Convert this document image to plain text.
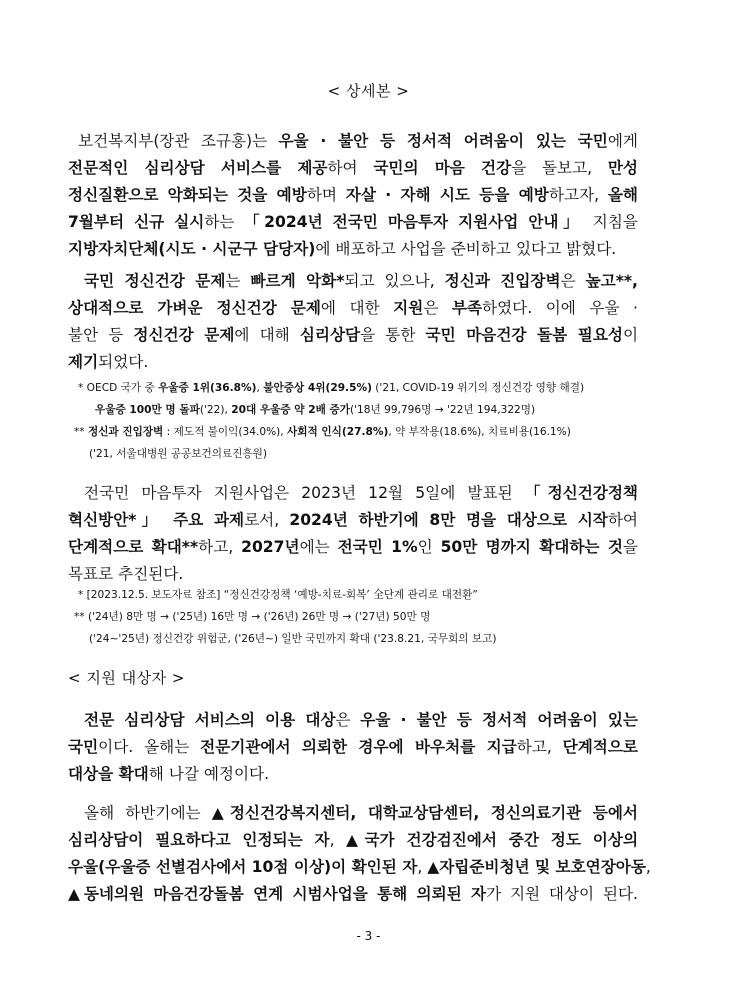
< 상세본 >
보건복지부(장관 조규홍)는 우울 · 불안 등 정서적 어려움이 있는 국민에게
전문적인 심리상담 서비스를 제공하여 국민의 마음 건강을 돌보고, 만성
정신질환으로 악화되는 것을 예방하며 자살 · 자해 시도 등을 예방하고자, 올해
7월부터 신규 실시하는 「2024년 전국민 마음투자 지원사업 안내」 지침을
지방자치단체(시도 · 시군구 담당자)에 배포하고 사업을 준비하고 있다고 밝혔다.
국민 정신건강 문제는 빠르게 악화*되고 있으나, 정신과 진입장벽은 높고**,
상대적으로 가벼운 정신건강 문제에 대한 지원은 부족하였다. 이에 우울 ·
불안 등 정신건강 문제에 대해 심리상담을 통한 국민 마음건강 돌봄 필요성이
제기되었다.
* OECD 국가 중 우울증 1위(36.8%), 불안증상 4위(29.5%) ('21, COVID-19 위기의 정신건강 영향 해결)
우울증 100만 명 돌파('22), 20대 우울증 약 2배 증가('18년 99,796명 → '22년 194,322명)
** 정신과 진입장벽 : 제도적 불이익(34.0%), 사회적 인식(27.8%), 약 부작용(18.6%), 치료비용(16.1%)
('21, 서울대병원 공공보건의료진흥원)
전국민 마음투자 지원사업은 2023년 12월 5일에 발표된 「정신건강정책
혁신방안*」 주요 과제로서, 2024년 하반기에 8만 명을 대상으로 시작하여
단계적으로 확대**하고, 2027년에는 전국민 1%인 50만 명까지 확대하는 것을
목표로 추진된다.
* [2023.12.5. 보도자료 참조] “정신건강정책 ‘예방-치료-회복’ 全단계 관리로 대전환”
** ('24년) 8만 명 → ('25년) 16만 명 → ('26년) 26만 명 → ('27년) 50만 명
('24∼'25년) 정신건강 위험군, ('26년∼) 일반 국민까지 확대 ('23.8.21, 국무회의 보고)
< 지원 대상자 >
전문 심리상담 서비스의 이용 대상은 우울 · 불안 등 정서적 어려움이 있는
국민이다. 올해는 전문기관에서 의뢰한 경우에 바우처를 지급하고, 단계적으로
대상을 확대해 나갈 예정이다.
올해 하반기에는 ▲정신건강복지센터, 대학교상담센터, 정신의료기관 등에서
심리상담이 필요하다고 인정되는 자, ▲국가 건강검진에서 중간 정도 이상의
우울(우울증 선별검사에서 10점 이상)이 확인된 자, ▲자립준비청년 및 보호연장아동,
▲동네의원 마음건강돌봄 연계 시범사업을 통해 의뢰된 자가 지원 대상이 된다.
- 3 -
